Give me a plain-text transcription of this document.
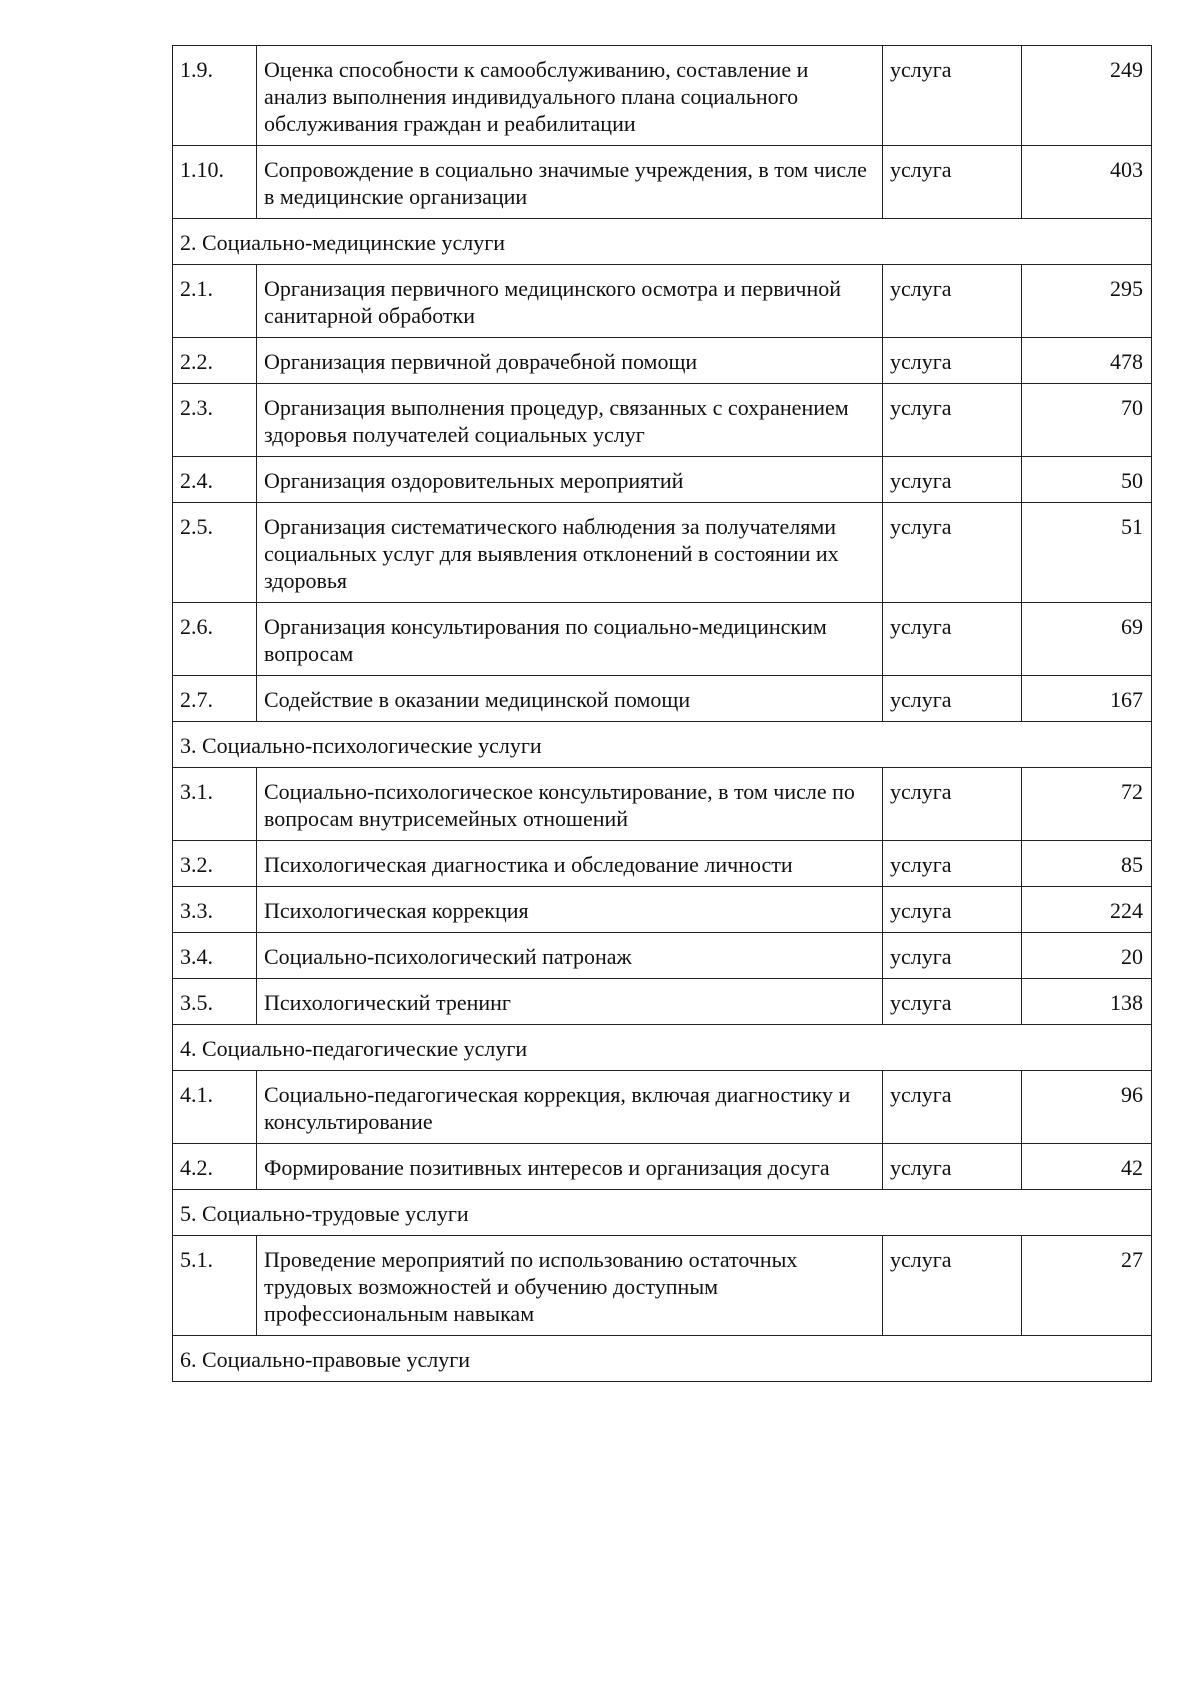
1.9.	Оценка способности к самообслуживанию, составление и анализ выполнения индивидуального плана социального обслуживания граждан и реабилитации	услуга	249
1.10.	Сопровождение в социально значимые учреждения, в том числе в медицинские организации	услуга	403
2. Социально-медицинские услуги			
2.1.	Организация первичного медицинского осмотра и первичной санитарной обработки	услуга	295
2.2.	Организация первичной доврачебной помощи	услуга	478
2.3.	Организация выполнения процедур, связанных с сохранением здоровья получателей социальных услуг	услуга	70
2.4.	Организация оздоровительных мероприятий	услуга	50
2.5.	Организация систематического наблюдения за получателями социальных услуг для выявления отклонений в состоянии их здоровья	услуга	51
2.6.	Организация консультирования по социально-медицинским вопросам	услуга	69
2.7.	Содействие в оказании медицинской помощи	услуга	167
3. Социально-психологические услуги			
3.1.	Социально-психологическое консультирование, в том числе по вопросам внутрисемейных отношений	услуга	72
3.2.	Психологическая диагностика и обследование личности	услуга	85
3.3.	Психологическая коррекция	услуга	224
3.4.	Социально-психологический патронаж	услуга	20
3.5.	Психологический тренинг	услуга	138
4. Социально-педагогические услуги			
4.1.	Социально-педагогическая коррекция, включая диагностику и консультирование	услуга	96
4.2.	Формирование позитивных интересов и организация досуга	услуга	42
5. Социально-трудовые услуги			
5.1.	Проведение мероприятий по использованию остаточных трудовых возможностей и обучению доступным профессиональным навыкам	услуга	27
6. Социально-правовые услуги			
